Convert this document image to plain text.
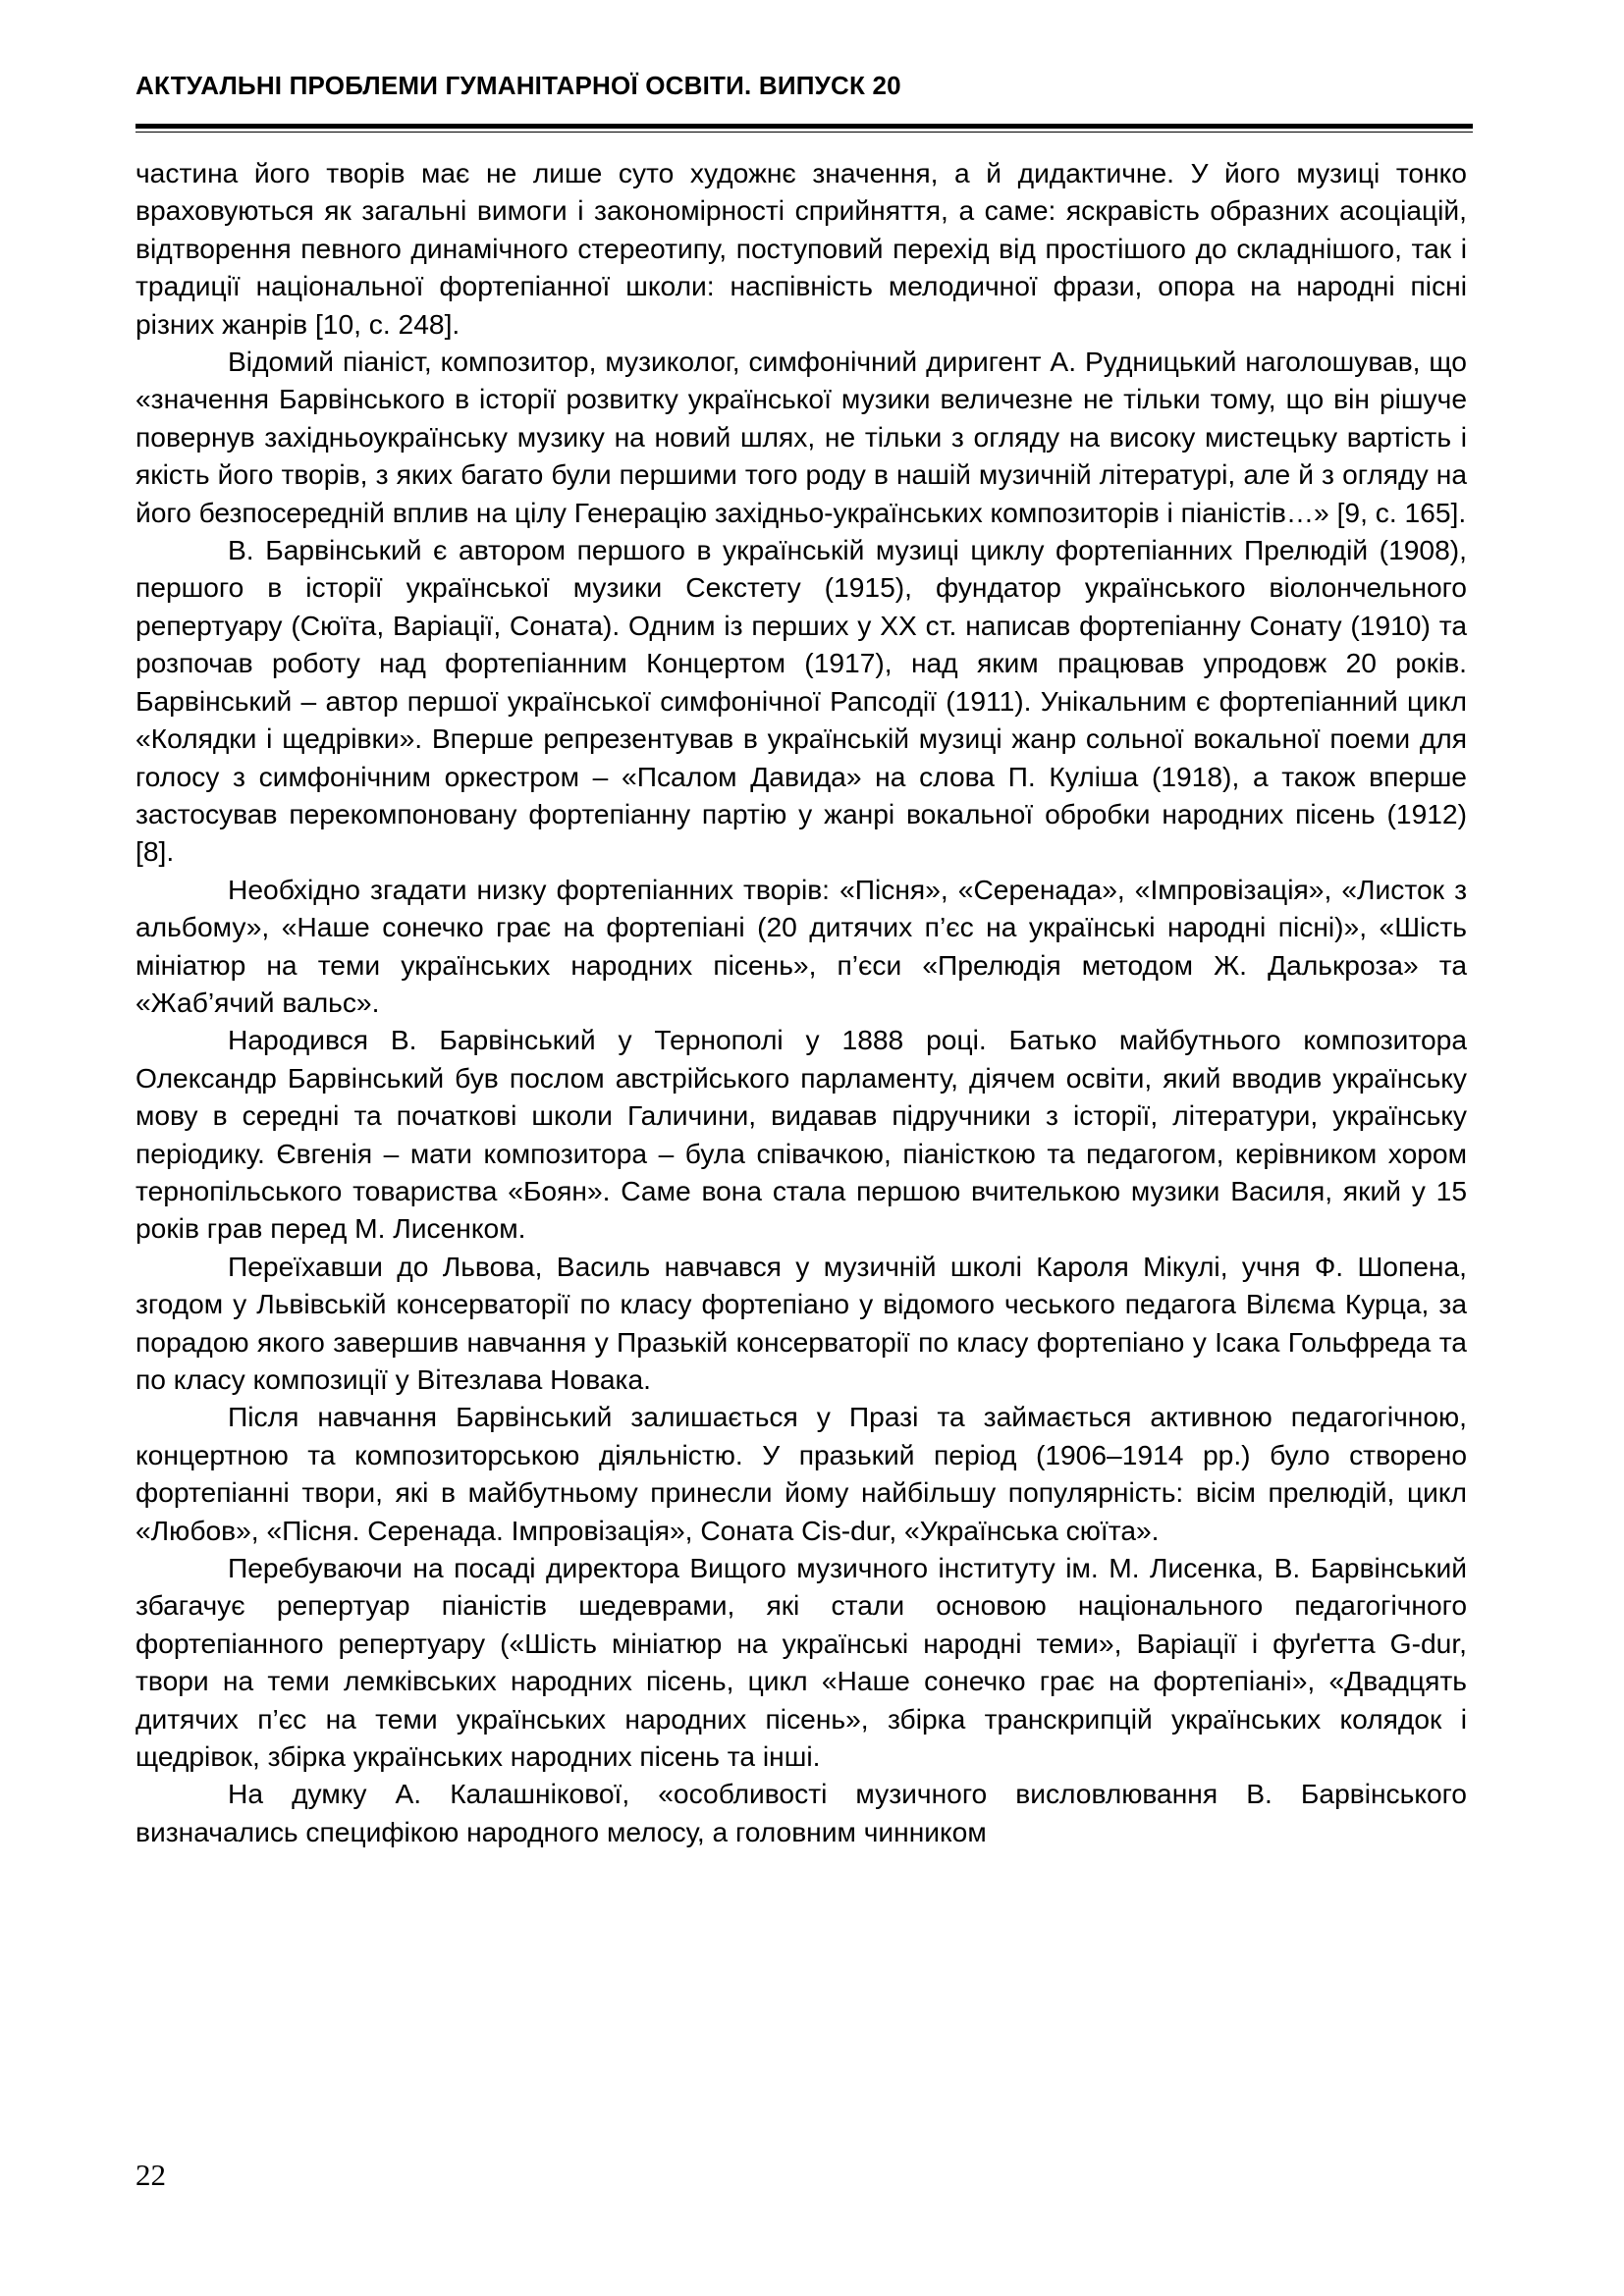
АКТУАЛЬНІ ПРОБЛЕМИ ГУМАНІТАРНОЇ ОСВІТИ. ВИПУСК 20

частина його творів має не лише суто художнє значення, а й дидактичне. У його музиці тонко враховуються як загальні вимоги і закономірності сприйняття, а саме: яскравість образних асоціацій, відтворення певного динамічного стереотипу, поступовий перехід від простішого до складнішого, так і традиції національної фортепіанної школи: наспівність мелодичної фрази, опора на народні пісні різних жанрів [10, с. 248].

Відомий піаніст, композитор, музиколог, симфонічний диригент А. Рудницький наголошував, що «значення Барвінського в історії розвитку української музики величезне не тільки тому, що він рішуче повернув західньоукраїнську музику на новий шлях, не тільки з огляду на високу мистецьку вартість і якість його творів, з яких багато були першими того роду в нашій музичній літературі, але й з огляду на його безпосередній вплив на цілу Генерацію західньо-українських композиторів і піаністів…» [9, с. 165].

В. Барвінський є автором першого в українській музиці циклу фортепіанних Прелюдій (1908), першого в історії української музики Секстету (1915), фундатор українського віолончельного репертуару (Сюїта, Варіації, Соната). Одним із перших у XX ст. написав фортепіанну Сонату (1910) та розпочав роботу над фортепіанним Концертом (1917), над яким працював упродовж 20 років. Барвінський – автор першої української симфонічної Рапсодії (1911). Унікальним є фортепіанний цикл «Колядки і щедрівки». Вперше репрезентував в українській музиці жанр сольної вокальної поеми для голосу з симфонічним оркестром – «Псалом Давида» на слова П. Куліша (1918), а також вперше застосував перекомпоновану фортепіанну партію у жанрі вокальної обробки народних пісень (1912) [8].

Необхідно згадати низку фортепіанних творів: «Пісня», «Серенада», «Імпровізація», «Листок з альбому», «Наше сонечко грає на фортепіані (20 дитячих п’єс на українські народні пісні)», «Шість мініатюр на теми українських народних пісень», п’єси «Прелюдія методом Ж. Далькроза» та «Жаб’ячий вальс».

Народився В. Барвінський у Тернополі у 1888 році. Батько майбутнього композитора Олександр Барвінський був послом австрійського парламенту, діячем освіти, який вводив українську мову в середні та початкові школи Галичини, видавав підручники з історії, літератури, українську періодику. Євгенія – мати композитора – була співачкою, піаністкою та педагогом, керівником хором тернопільського товариства «Боян». Саме вона стала першою вчителькою музики Василя, який у 15 років грав перед М. Лисенком.

Переїхавши до Львова, Василь навчався у музичній школі Кароля Мікулі, учня Ф. Шопена, згодом у Львівській консерваторії по класу фортепіано у відомого чеського педагога Вілєма Курца, за порадою якого завершив навчання у Празькій консерваторії по класу фортепіано у Ісака Гольфреда та по класу композиції у Вітезлава Новака.

Після навчання Барвінський залишається у Празі та займається активною педагогічною, концертною та композиторською діяльністю. У празький період (1906–1914 рр.) було створено фортепіанні твори, які в майбутньому принесли йому найбільшу популярність: вісім прелюдій, цикл «Любов», «Пісня. Серенада. Імпровізація», Соната Cis-dur, «Українська сюїта».

Перебуваючи на посаді директора Вищого музичного інституту ім. М. Лисенка, В. Барвінський збагачує репертуар піаністів шедеврами, які стали основою національного педагогічного фортепіанного репертуару («Шість мініатюр на українські народні теми», Варіації і фуґетта G-dur, твори на теми лемківських народних пісень, цикл «Наше сонечко грає на фортепіані», «Двадцять дитячих п’єс на теми українських народних пісень», збірка транскрипцій українських колядок і щедрівок, збірка українських народних пісень та інші.

На думку А. Калашнікової, «особливості музичного висловлювання В. Барвінського визначались специфікою народного мелосу, а головним чинником

22
